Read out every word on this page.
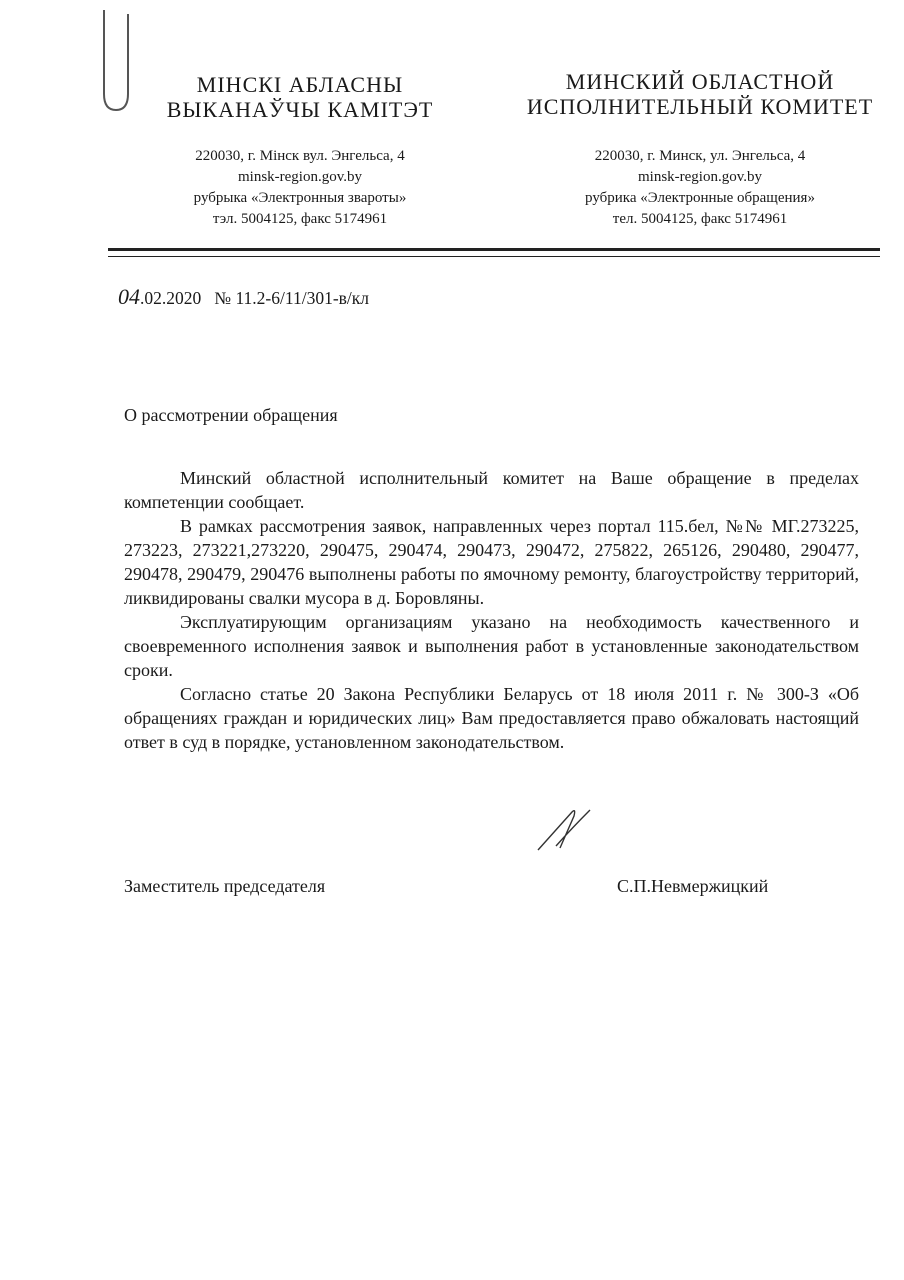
МІНСКІ АБЛАСНЫ
ВЫКАНАЎЧЫ КАМІТЭТ
220030, г. Мінск вул. Энгельса, 4
minsk-region.gov.by
рубрыка «Электронныя звароты»
тэл. 5004125, факс 5174961
МИНСКИЙ ОБЛАСТНОЙ
ИСПОЛНИТЕЛЬНЫЙ КОМИТЕТ
220030, г. Минск, ул. Энгельса, 4
minsk-region.gov.by
рубрика «Электронные обращения»
тел. 5004125, факс 5174961
04.02.2020 № 11.2-6/11/301-в/кл
О рассмотрении обращения

Минский областной исполнительный комитет на Ваше обращение в пределах компетенции сообщает.

В рамках рассмотрения заявок, направленных через портал 115.бел, №№ МГ.273225, 273223, 273221,273220, 290475, 290474, 290473, 290472, 275822, 265126, 290480, 290477, 290478, 290479, 290476 выполнены работы по ямочному ремонту, благоустройству территорий, ликвидированы свалки мусора в д. Боровляны.

Эксплуатирующим организациям указано на необходимость качественного и своевременного исполнения заявок и выполнения работ в установленные законодательством сроки.

Согласно статье 20 Закона Республики Беларусь от 18 июля 2011 г. № 300-З «Об обращениях граждан и юридических лиц» Вам предоставляется право обжаловать настоящий ответ в суд в порядке, установленном законодательством.

Заместитель председателя	С.П.Невмержицкий
